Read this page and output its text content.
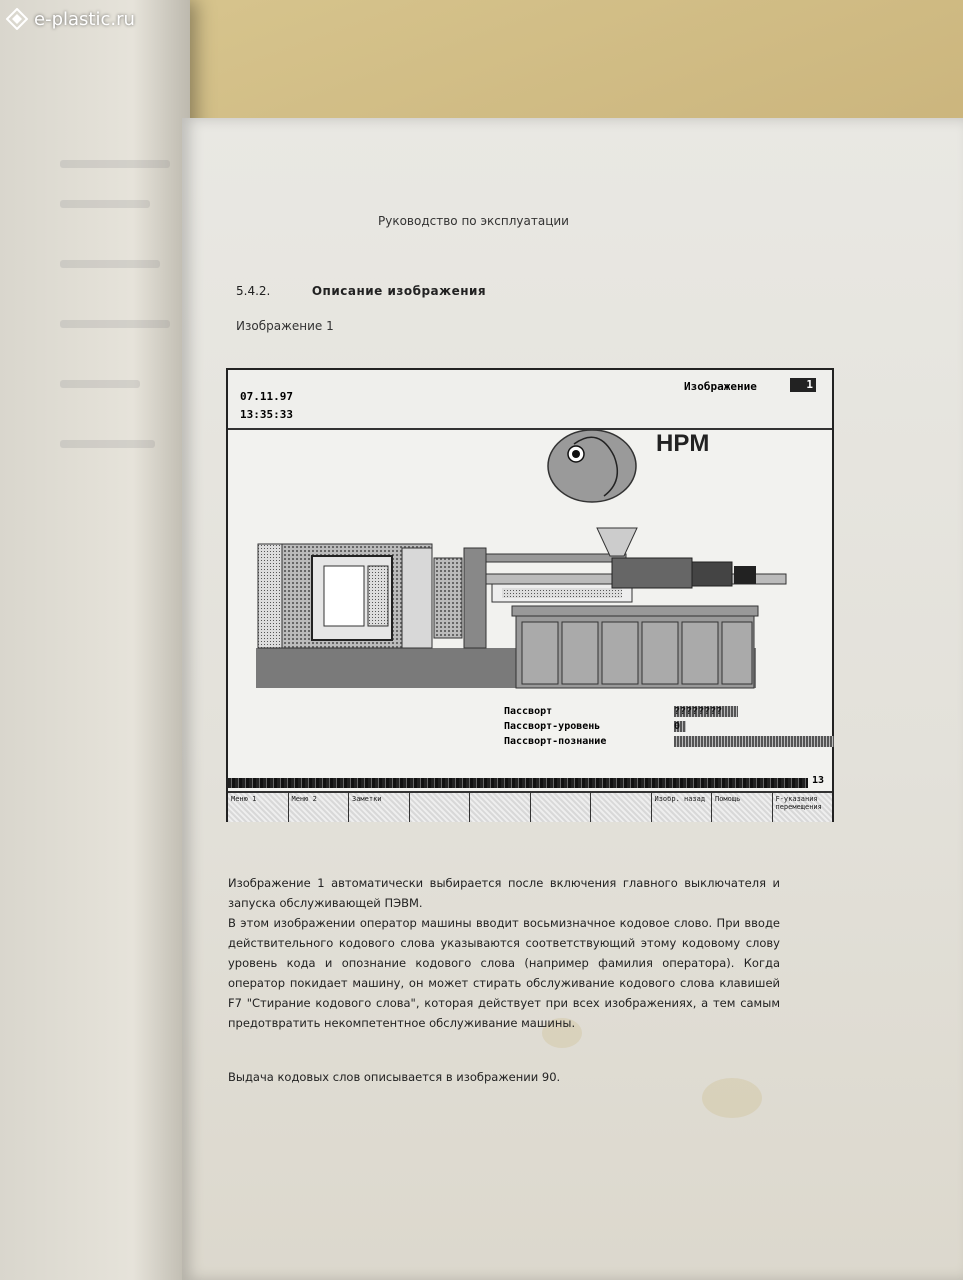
e-plastic.ru
Руководство по эксплуатации
5.4.2.	Описание изображения
Изображение 1
07.11.97
13:35:33
Изображение	1
HPM
Пассворт	????????
Пассворт-уровень	0
Пассворт-познание
13
Меню 1	Меню 2	Заметки	Изобр. назад	Помощь	F-указания перемещения

Изображение 1 автоматически выбирается после включения главного выключателя и запуска обслуживающей ПЭВМ.

В этом изображении оператор машины вводит восьмизначное кодовое слово. При вводе действительного кодового слова указываются соответствующий этому кодовому слову уровень кода и опознание кодового слова (например фамилия оператора). Когда оператор покидает машину, он может стирать обслуживание кодового слова клавишей F7 "Стирание кодового слова", которая действует при всех изображениях, а тем самым предотвратить некомпетентное обслуживание машины.

Выдача кодовых слов описывается в изображении 90.
